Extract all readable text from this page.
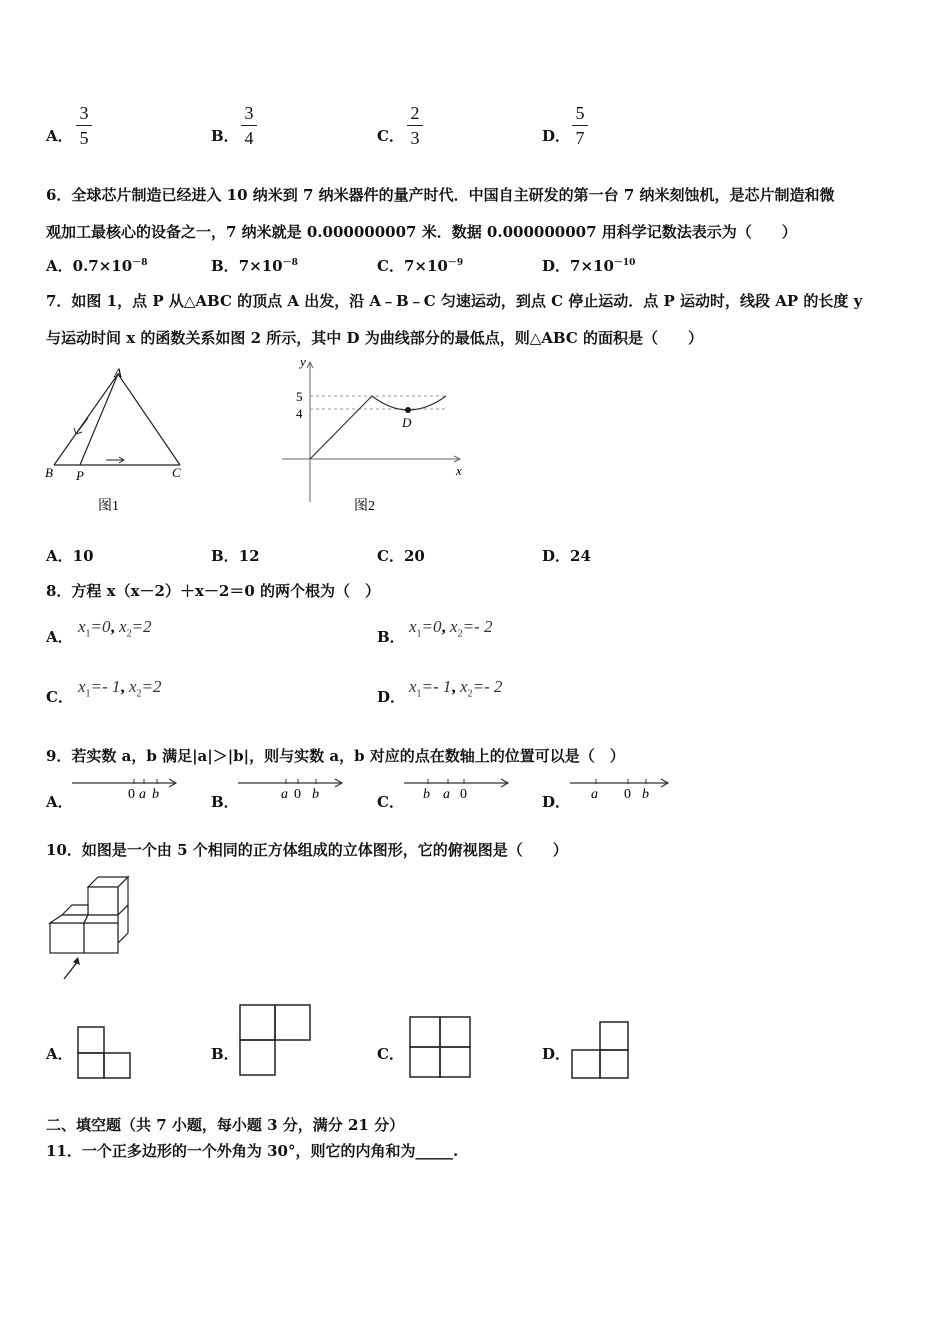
A．
3
5	B．
3
4	C．
2
3	D．
5
7
6．全球芯片制造已经进入 10 纳米到 7 纳米器件的量产时代．中国自主研发的第一台 7 纳米刻蚀机，是芯片制造和微
观加工最核心的设备之一，7 纳米就是 0.000000007 米．数据 0.000000007 用科学记数法表示为（　　）
A．$0.7\times 10^{-8}$	B．$7\times 10^{-8}$	C．$7\times 10^{-9}$	D．$7\times 10^{-10}$
7．如图 1，点 P 从△ABC 的顶点 A 出发，沿 A﹣B﹣C 匀速运动，到点 C 停止运动．点 P 运动时，线段 AP 的长度 y
与运动时间 x 的函数关系如图 2 所示，其中 D 为曲线部分的最低点，则△ABC 的面积是（　　）
A
B P	C
图1
y
x
5
4
D
图2
A．10	B．12	C．20	D．24
8．方程 x（x－2）＋x－2＝0 的两个根为（　）
A．
$x_1=0$, $x_2=2$
B．
$x_1=0$, $x_2=-$ 2
C．
$x_1=-$ 1, $x_2=2$
D．
$x_1=-$ 1, $x_2=-$ 2
9．若实数 a，b 满足|a|＞|b|，则与实数 a，b 对应的点在数轴上的位置可以是（　）
A．	0 a b	B．	a 0 b	C． b a 0	D． a 0 b
10．如图是一个由 5 个相同的正方体组成的立体图形，它的俯视图是（　　）
A．	B．	C．	D．
二、填空题（共 7 小题，每小题 3 分，满分 21 分）
11．一个正多边形的一个外角为 30°，则它的内角和为_____.
